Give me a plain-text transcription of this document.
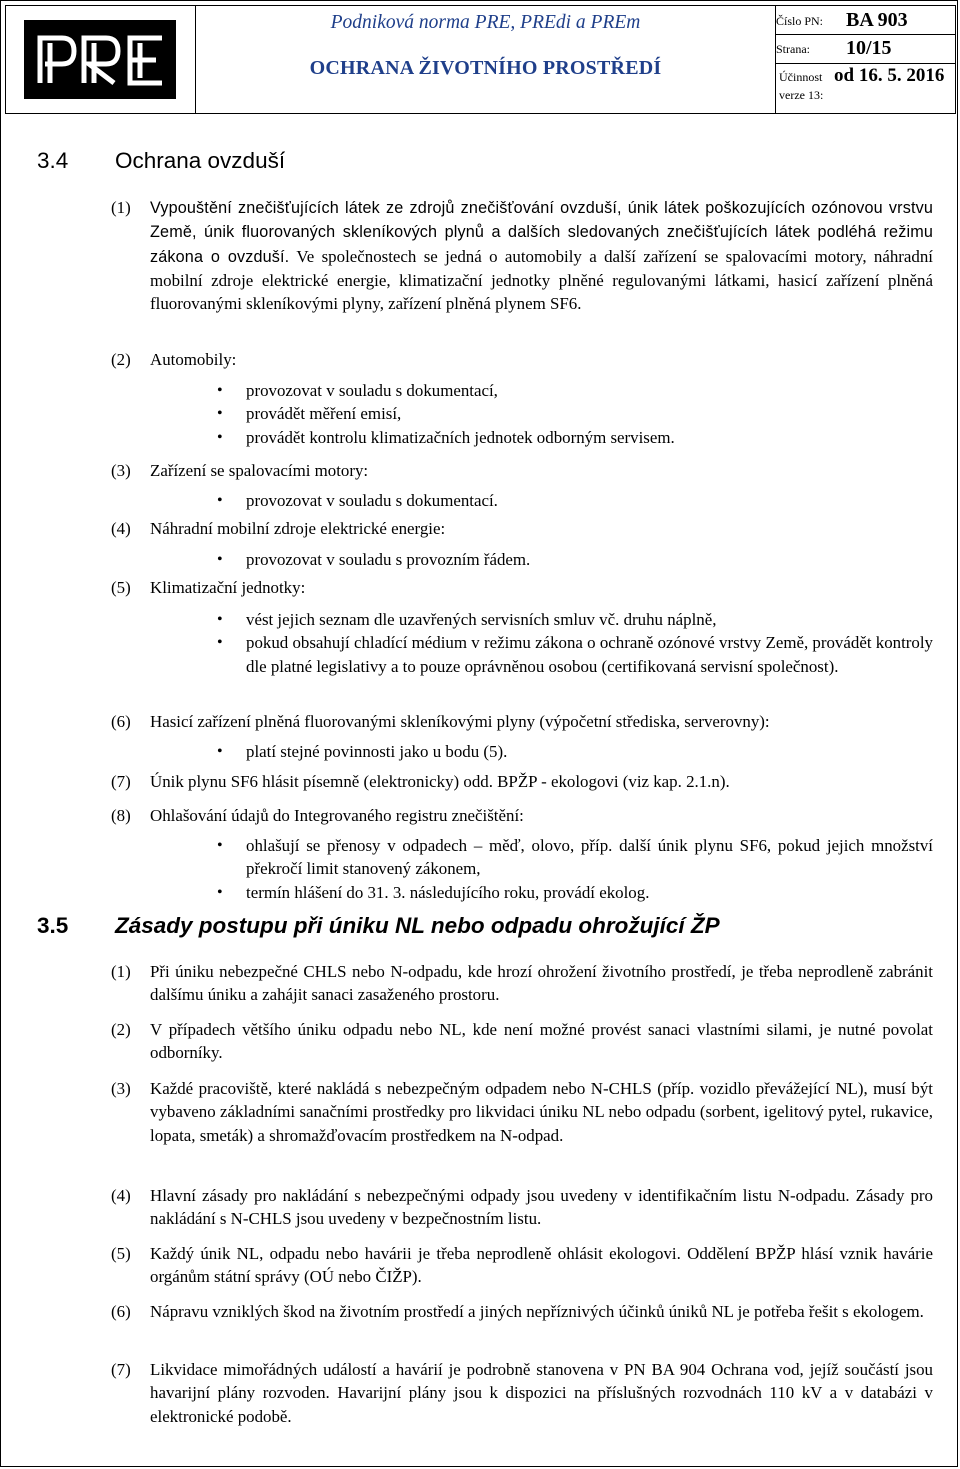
Podniková norma PRE, PREdi a PREm
OCHRANA ŽIVOTNÍHO PROSTŘEDÍ
Číslo PN: BA 903
Strana: 10/15
Účinnost od 16. 5. 2016
verze 13:
3.4 Ochrana ovzduší
(1) Vypouštění znečišťujících látek ze zdrojů znečišťování ovzduší, únik látek poškozujících ozónovou vrstvu Země, únik fluorovaných skleníkových plynů a dalších sledovaných znečišťujících látek podléhá režimu zákona o ovzduší. Ve společnostech se jedná o automobily a další zařízení se spalovacími motory, náhradní mobilní zdroje elektrické energie, klimatizační jednotky plněné regulovanými látkami, hasicí zařízení plněná fluorovanými skleníkovými plyny, zařízení plněná plynem SF6.
(2) Automobily:
• provozovat v souladu s dokumentací,
• provádět měření emisí,
• provádět kontrolu klimatizačních jednotek odborným servisem.
(3) Zařízení se spalovacími motory:
• provozovat v souladu s dokumentací.
(4) Náhradní mobilní zdroje elektrické energie:
• provozovat v souladu s provozním řádem.
(5) Klimatizační jednotky:
• vést jejich seznam dle uzavřených servisních smluv vč. druhu náplně,
• pokud obsahují chladící médium v režimu zákona o ochraně ozónové vrstvy Země, provádět kontroly dle platné legislativy a to pouze oprávněnou osobou (certifikovaná servisní společnost).
(6) Hasicí zařízení plněná fluorovanými skleníkovými plyny (výpočetní střediska, serverovny):
• platí stejné povinnosti jako u bodu (5).
(7) Únik plynu SF6 hlásit písemně (elektronicky) odd. BPŽP - ekologovi (viz kap. 2.1.n).
(8) Ohlašování údajů do Integrovaného registru znečištění:
• ohlašují se přenosy v odpadech – měď, olovo, příp. další únik plynu SF6, pokud jejich množství překročí limit stanovený zákonem,
• termín hlášení do 31. 3. následujícího roku, provádí ekolog.
3.5 Zásady postupu při úniku NL nebo odpadu ohrožující ŽP
(1) Při úniku nebezpečné CHLS nebo N-odpadu, kde hrozí ohrožení životního prostředí, je třeba neprodleně zabránit dalšímu úniku a zahájit sanaci zasaženého prostoru.
(2) V případech většího úniku odpadu nebo NL, kde není možné provést sanaci vlastními silami, je nutné povolat odborníky.
(3) Každé pracoviště, které nakládá s nebezpečným odpadem nebo N-CHLS (příp. vozidlo převážející NL), musí být vybaveno základními sanačními prostředky pro likvidaci úniku NL nebo odpadu (sorbent, igelitový pytel, rukavice, lopata, smeták) a shromažďovacím prostředkem na N-odpad.
(4) Hlavní zásady pro nakládání s nebezpečnými odpady jsou uvedeny v identifikačním listu N-odpadu. Zásady pro nakládání s N-CHLS jsou uvedeny v bezpečnostním listu.
(5) Každý únik NL, odpadu nebo havárii je třeba neprodleně ohlásit ekologovi. Oddělení BPŽP hlásí vznik havárie orgánům státní správy (OÚ nebo ČIŽP).
(6) Nápravu vzniklých škod na životním prostředí a jiných nepříznivých účinků úniků NL je potřeba řešit s ekologem.
(7) Likvidace mimořádných událostí a havárií je podrobně stanovena v PN BA 904 Ochrana vod, jejíž součástí jsou havarijní plány rozvoden. Havarijní plány jsou k dispozici na příslušných rozvodnách 110 kV a v databázi v elektronické podobě.
